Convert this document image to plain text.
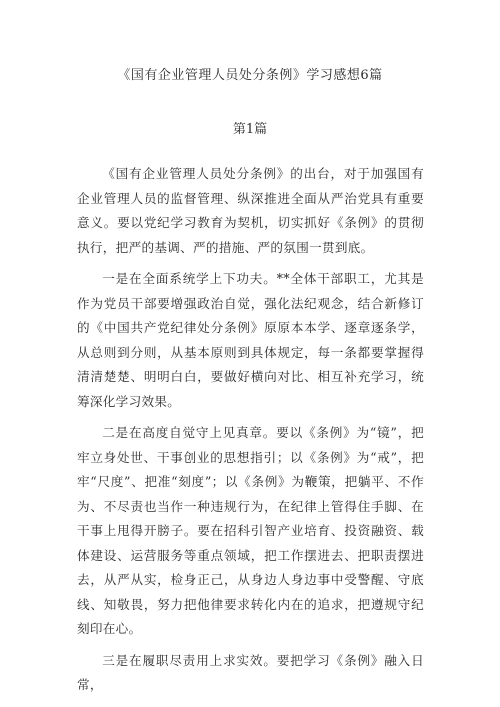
《国有企业管理人员处分条例》学习感想6篇
第1篇

《国有企业管理人员处分条例》的出台，对于加强国有企业管理人员的监督管理、纵深推进全面从严治党具有重要意义。要以党纪学习教育为契机，切实抓好《条例》的贯彻执行，把严的基调、严的措施、严的氛围一贯到底。

一是在全面系统学上下功夫。**全体干部职工，尤其是作为党员干部要增强政治自觉，强化法纪观念，结合新修订的《中国共产党纪律处分条例》原原本本学、逐章逐条学，从总则到分则，从基本原则到具体规定，每一条都要掌握得清清楚楚、明明白白，要做好横向对比、相互补充学习，统筹深化学习效果。

二是在高度自觉守上见真章。要以《条例》为“镜”，把牢立身处世、干事创业的思想指引；以《条例》为“戒”，把牢“尺度”、把准“刻度”；以《条例》为鞭策，把躺平、不作为、不尽责也当作一种违规行为，在纪律上管得住手脚、在干事上甩得开膀子。要在招科引智产业培育、投资融资、载体建设、运营服务等重点领域，把工作摆进去、把职责摆进去，从严从实，检身正己，从身边人身边事中受警醒、守底线、知敬畏，努力把他律要求转化内在的追求，把遵规守纪刻印在心。

三是在履职尽责用上求实效。要把学习《条例》融入日常，
